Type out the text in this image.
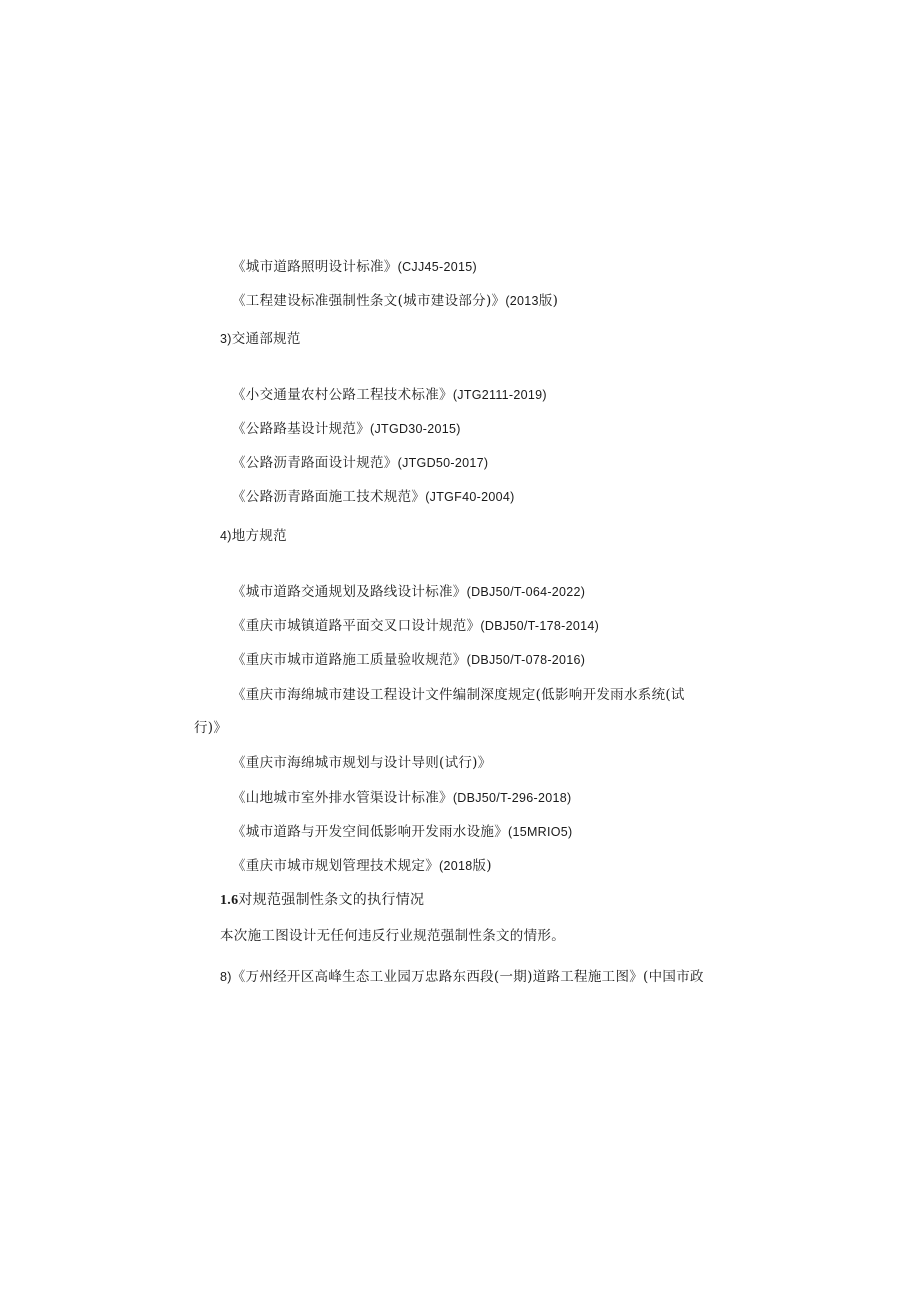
《城市道路照明设计标准》(CJJ45-2015)
《工程建设标准强制性条文(城市建设部分)》(2013版)
3)交通部规范
《小交通量农村公路工程技术标准》(JTG2111-2019)
《公路路基设计规范》(JTGD30-2015)
《公路沥青路面设计规范》(JTGD50-2017)
《公路沥青路面施工技术规范》(JTGF40-2004)
4)地方规范
《城市道路交通规划及路线设计标准》(DBJ50/T-064-2022)
《重庆市城镇道路平面交叉口设计规范》(DBJ50/T-178-2014)
《重庆市城市道路施工质量验收规范》(DBJ50/T-078-2016)
《重庆市海绵城市建设工程设计文件编制深度规定(低影响开发雨水系统(试
行)》
《重庆市海绵城市规划与设计导则(试行)》
《山地城市室外排水管渠设计标准》(DBJ50/T-296-2018)
《城市道路与开发空间低影响开发雨水设施》(15MRIO5)
《重庆市城市规划管理技术规定》(2018版)
1.6对规范强制性条文的执行情况
本次施工图设计无任何违反行业规范强制性条文的情形。
8)《万州经开区高峰生态工业园万忠路东西段(一期)道路工程施工图》(中国市政
